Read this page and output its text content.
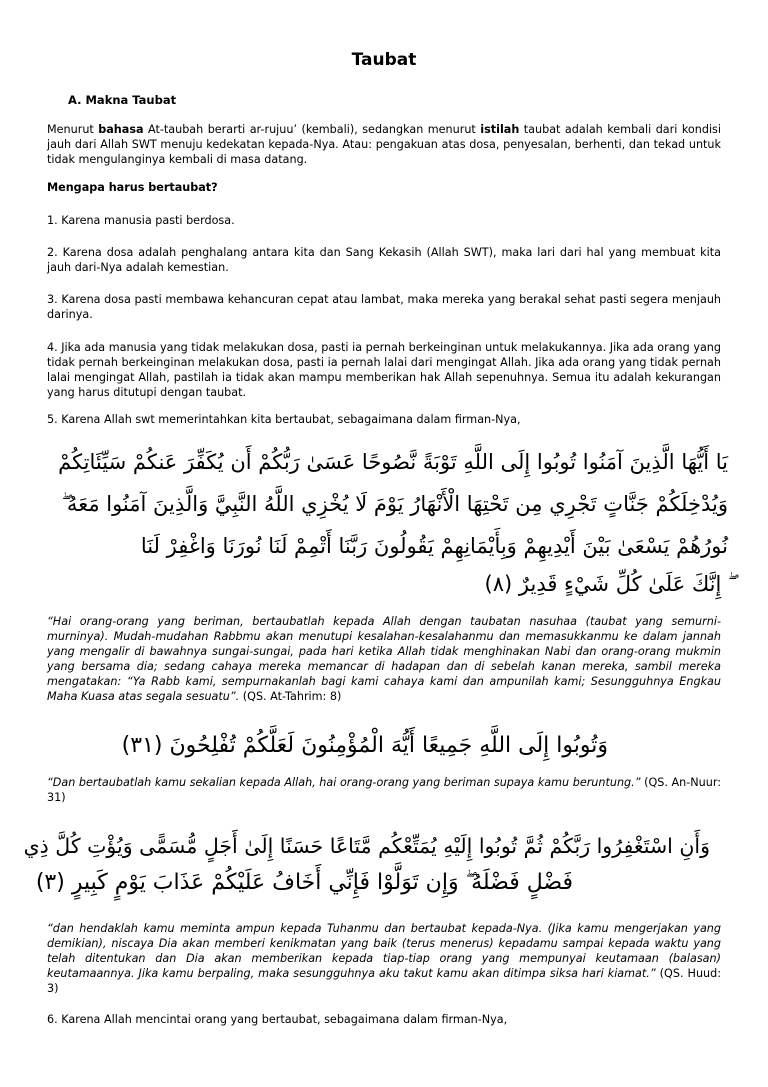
Taubat
A. Makna Taubat
Menurut bahasa At-taubah berarti ar-rujuu’ (kembali), sedangkan menurut istilah taubat adalah kembali dari kondisi jauh dari Allah SWT menuju kedekatan kepada-Nya. Atau: pengakuan atas dosa, penyesalan, berhenti, dan tekad untuk tidak mengulanginya kembali di masa datang.
Mengapa harus bertaubat?
1. Karena manusia pasti berdosa.
2. Karena dosa adalah penghalang antara kita dan Sang Kekasih (Allah SWT), maka lari dari hal yang membuat kita jauh dari-Nya adalah kemestian.
3. Karena dosa pasti membawa kehancuran cepat atau lambat, maka mereka yang berakal sehat pasti segera menjauh darinya.
4. Jika ada manusia yang tidak melakukan dosa, pasti ia pernah berkeinginan untuk melakukannya. Jika ada orang yang tidak pernah berkeinginan melakukan dosa, pasti ia pernah lalai dari mengingat Allah. Jika ada orang yang tidak pernah lalai mengingat Allah, pastilah ia tidak akan mampu memberikan hak Allah sepenuhnya. Semua itu adalah kekurangan yang harus ditutupi dengan taubat.
5. Karena Allah swt memerintahkan kita bertaubat, sebagaimana dalam firman-Nya,
يَا أَيُّهَا الَّذِينَ آمَنُوا تُوبُوا إِلَى اللَّهِ تَوْبَةً نَّصُوحًا عَسَىٰ رَبُّكُمْ أَن يُكَفِّرَ عَنكُمْ سَيِّئَاتِكُمْ
وَيُدْخِلَكُمْ جَنَّاتٍ تَجْرِي مِن تَحْتِهَا الْأَنْهَارُ يَوْمَ لَا يُخْزِي اللَّهُ النَّبِيَّ وَالَّذِينَ آمَنُوا مَعَهُ ۖ
نُورُهُمْ يَسْعَىٰ بَيْنَ أَيْدِيهِمْ وَبِأَيْمَانِهِمْ يَقُولُونَ رَبَّنَا أَتْمِمْ لَنَا نُورَنَا وَاغْفِرْ لَنَا
ۖ إِنَّكَ عَلَىٰ كُلِّ شَيْءٍ قَدِيرٌ (٨)
“Hai orang-orang yang beriman, bertaubatlah kepada Allah dengan taubatan nasuhaa (taubat yang semurni-murninya). Mudah-mudahan Rabbmu akan menutupi kesalahan-kesalahanmu dan memasukkanmu ke dalam jannah yang mengalir di bawahnya sungai-sungai, pada hari ketika Allah tidak menghinakan Nabi dan orang-orang mukmin yang bersama dia; sedang cahaya mereka memancar di hadapan dan di sebelah kanan mereka, sambil mereka mengatakan: “Ya Rabb kami, sempurnakanlah bagi kami cahaya kami dan ampunilah kami; Sesungguhnya Engkau Maha Kuasa atas segala sesuatu”. (QS. At-Tahrim: 8)
وَتُوبُوا إِلَى اللَّهِ جَمِيعًا أَيُّهَ الْمُؤْمِنُونَ لَعَلَّكُمْ تُفْلِحُونَ (٣١)
“Dan bertaubatlah kamu sekalian kepada Allah, hai orang-orang yang beriman supaya kamu beruntung.” (QS. An-Nuur: 31)
وَأَنِ اسْتَغْفِرُوا رَبَّكُمْ ثُمَّ تُوبُوا إِلَيْهِ يُمَتِّعْكُم مَّتَاعًا حَسَنًا إِلَىٰ أَجَلٍ مُّسَمًّى وَيُؤْتِ كُلَّ ذِي
فَضْلٍ فَضْلَهُ ۖ وَإِن تَوَلَّوْا فَإِنِّي أَخَافُ عَلَيْكُمْ عَذَابَ يَوْمٍ كَبِيرٍ (٣)
“dan hendaklah kamu meminta ampun kepada Tuhanmu dan bertaubat kepada-Nya. (Jika kamu mengerjakan yang demikian), niscaya Dia akan memberi kenikmatan yang baik (terus menerus) kepadamu sampai kepada waktu yang telah ditentukan dan Dia akan memberikan kepada tiap-tiap orang yang mempunyai keutamaan (balasan) keutamaannya. Jika kamu berpaling, maka sesungguhnya aku takut kamu akan ditimpa siksa hari kiamat.” (QS. Huud: 3)
6. Karena Allah mencintai orang yang bertaubat, sebagaimana dalam firman-Nya,
